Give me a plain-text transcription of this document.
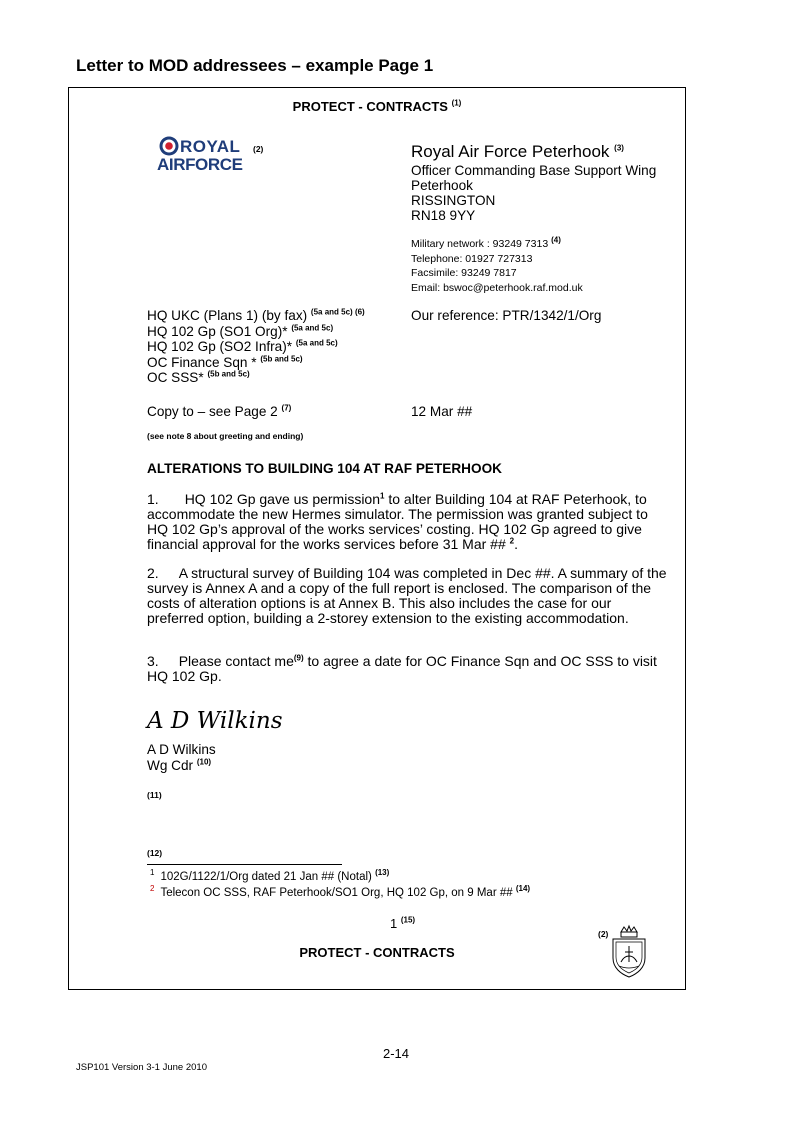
Letter to MOD addressees – example Page 1
PROTECT - CONTRACTS $^{(1)}$
ROYAL
AIRFORCE
(2)	Royal Air Force Peterhook $^{(3)}$
Officer Commanding Base Support Wing
Peterhook
RISSINGTON
RN18 9YY
Military network : 93249 7313 $^{(4)}$
Telephone: 01927 727313
Facsimile: 93249 7817
Email: bswoc@peterhook.raf.mod.uk
HQ UKC (Plans 1) (by fax) $^{(5a and 5c) (6)}$
HQ 102 Gp (SO1 Org)* $^{(5a and 5c)}$
HQ 102 Gp (SO2 Infra)* $^{(5a and 5c)}$
OC Finance Sqn * $^{(5b and 5c)}$
OC SSS* $^{(5b and 5c)}$
Our reference: PTR/1342/1/Org
Copy to – see Page 2 $^{(7)}$	12 Mar ##
(see note 8 about greeting and ending)
ALTERATIONS TO BUILDING 104 AT RAF PETERHOOK
1. HQ 102 Gp gave us permission$^1$ to alter Building 104 at RAF Peterhook, to accommodate the new Hermes simulator. The permission was granted subject to HQ 102 Gp’s approval of the works services’ costing. HQ 102 Gp agreed to give financial approval for the works services before 31 Mar ## $^2$.
2. A structural survey of Building 104 was completed in Dec ##. A summary of the survey is Annex A and a copy of the full report is enclosed. The comparison of the costs of alteration options is at Annex B. This also includes the case for our preferred option, building a 2-storey extension to the existing accommodation.
3. Please contact $me^{(9)}$ to agree a date for OC Finance Sqn and OC SSS to visit HQ 102 Gp.
A D Wilkins
A D Wilkins
Wg Cdr $^{(10)}$
(11)
(12)
$^1$ 102G/1122/1/Org dated 21 Jan ## (Notal) $^{(13)}$
$^2$ Telecon OC SSS, RAF Peterhook/SO1 Org, HQ 102 Gp, on 9 Mar ## $^{(14)}$
1 $^{(15)}$
(2)
PROTECT - CONTRACTS
2-14
JSP101 Version 3-1 June 2010
